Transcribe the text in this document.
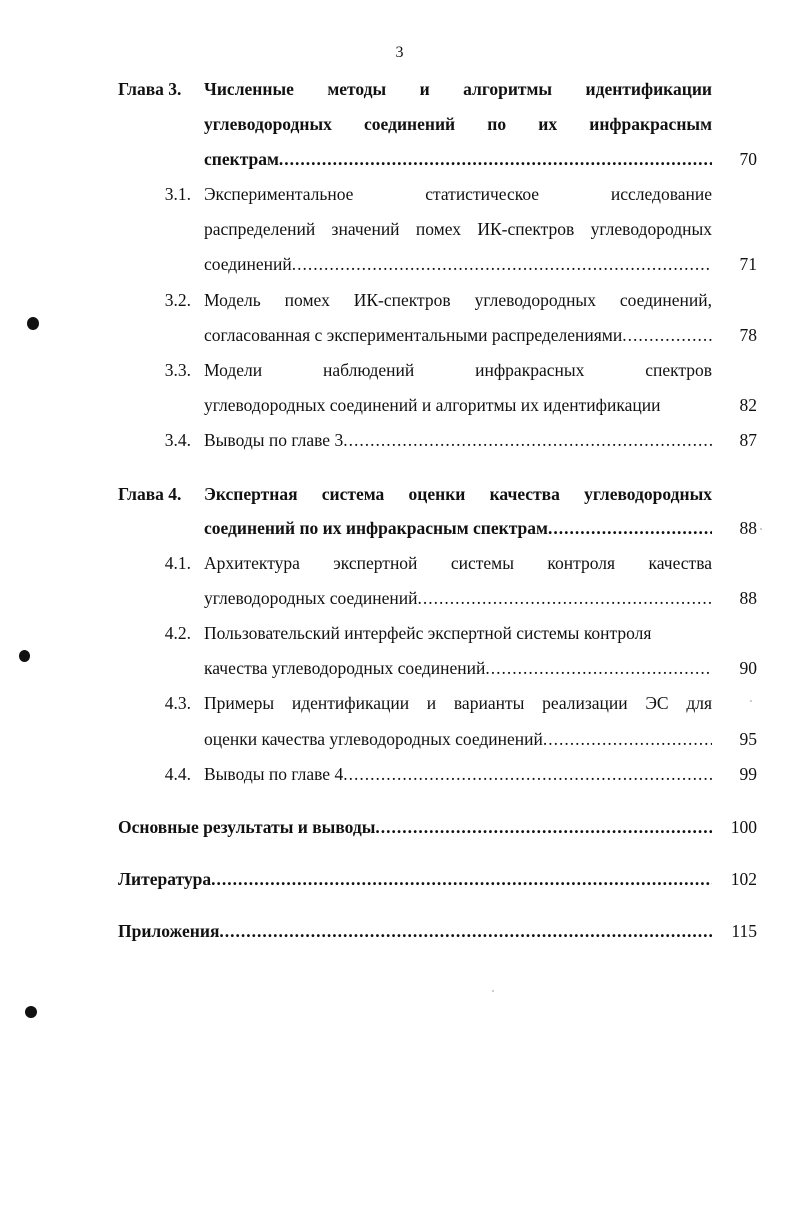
3
Глава 3. Численные методы и алгоритмы идентификации
углеводородных соединений по их инфракрасным
спектрам .....	70
3.1. Экспериментальное статистическое исследование
распределений значений помех ИК-спектров углеводородных
соединений .....	71
3.2. Модель помех ИК-спектров углеводородных соединений,
согласованная с экспериментальными распределениями .....	78
3.3. Модели наблюдений инфракрасных спектров
углеводородных соединений и алгоритмы их идентификации	82
3.4. Выводы по главе 3 .....	87
Глава 4. Экспертная система оценки качества углеводородных
соединений по их инфракрасным спектрам .....	88
4.1. Архитектура экспертной системы контроля качества
углеводородных соединений .....	88
4.2. Пользовательский интерфейс экспертной системы контроля
качества углеводородных соединений .....	90
4.3. Примеры идентификации и варианты реализации ЭС для
оценки качества углеводородных соединений .....	95
4.4. Выводы по главе 4 .....	99
Основные результаты и выводы .....	100
Литература .....	102
Приложения .....	115
